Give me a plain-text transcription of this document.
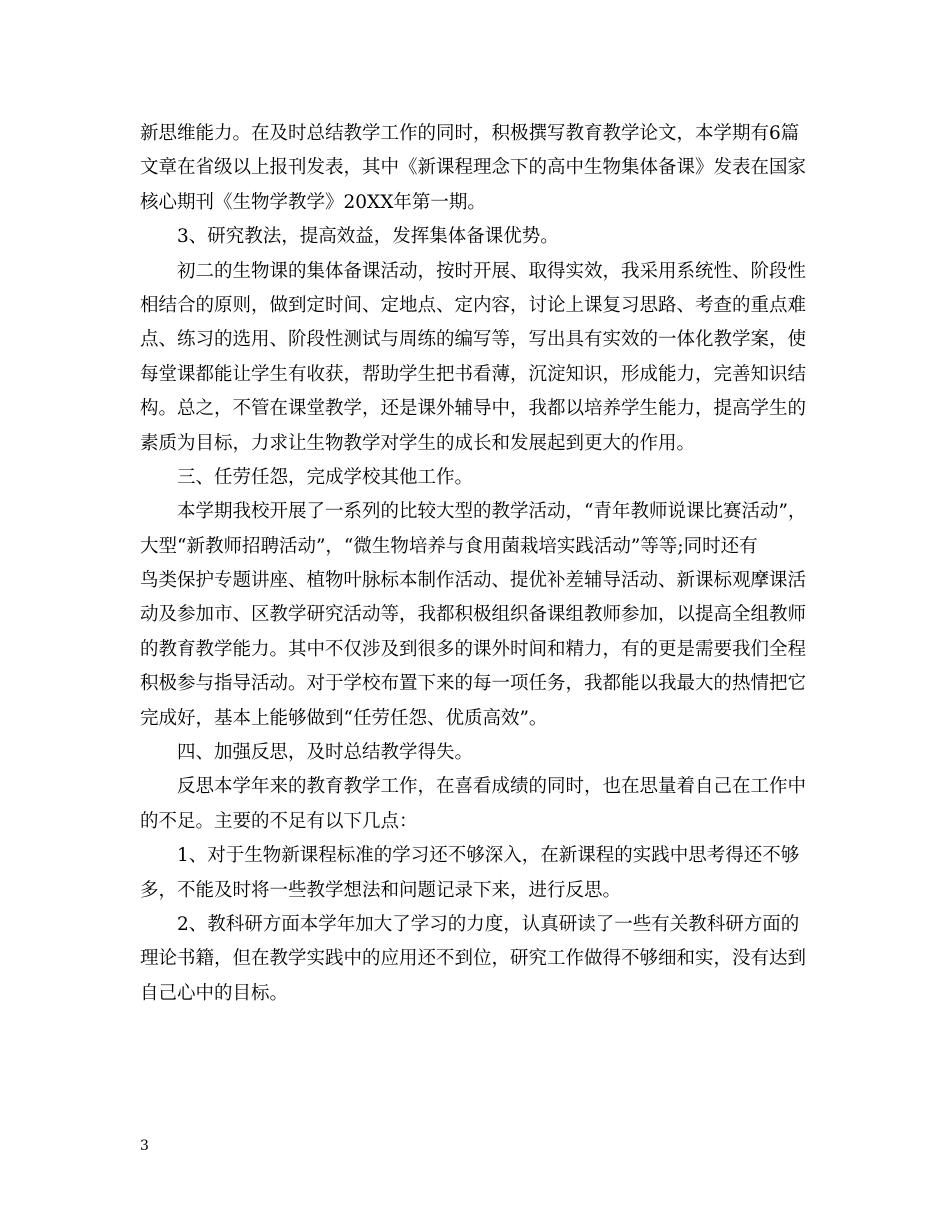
新思维能力。在及时总结教学工作的同时，积极撰写教育教学论文，本学期有6篇

文章在省级以上报刊发表，其中《新课程理念下的高中生物集体备课》发表在国家

核心期刊《生物学教学》20XX年第一期。

3、研究教法，提高效益，发挥集体备课优势。

初二的生物课的集体备课活动，按时开展、取得实效，我采用系统性、阶段性

相结合的原则，做到定时间、定地点、定内容，讨论上课复习思路、考查的重点难

点、练习的选用、阶段性测试与周练的编写等，写出具有实效的一体化教学案，使

每堂课都能让学生有收获，帮助学生把书看薄，沉淀知识，形成能力，完善知识结

构。总之，不管在课堂教学，还是课外辅导中，我都以培养学生能力，提高学生的

素质为目标，力求让生物教学对学生的成长和发展起到更大的作用。

三、任劳任怨，完成学校其他工作。

本学期我校开展了一系列的比较大型的教学活动，“青年教师说课比赛活动”，

大型“新教师招聘活动”，“微生物培养与食用菌栽培实践活动”等等;同时还有

鸟类保护专题讲座、植物叶脉标本制作活动、提优补差辅导活动、新课标观摩课活

动及参加市、区教学研究活动等，我都积极组织备课组教师参加，以提高全组教师

的教育教学能力。其中不仅涉及到很多的课外时间和精力，有的更是需要我们全程

积极参与指导活动。对于学校布置下来的每一项任务，我都能以我最大的热情把它

完成好，基本上能够做到“任劳任怨、优质高效”。

四、加强反思，及时总结教学得失。

反思本学年来的教育教学工作，在喜看成绩的同时，也在思量着自己在工作中

的不足。主要的不足有以下几点：

1、对于生物新课程标准的学习还不够深入，在新课程的实践中思考得还不够

多，不能及时将一些教学想法和问题记录下来，进行反思。

2、教科研方面本学年加大了学习的力度，认真研读了一些有关教科研方面的

理论书籍，但在教学实践中的应用还不到位，研究工作做得不够细和实，没有达到

自己心中的目标。

3
